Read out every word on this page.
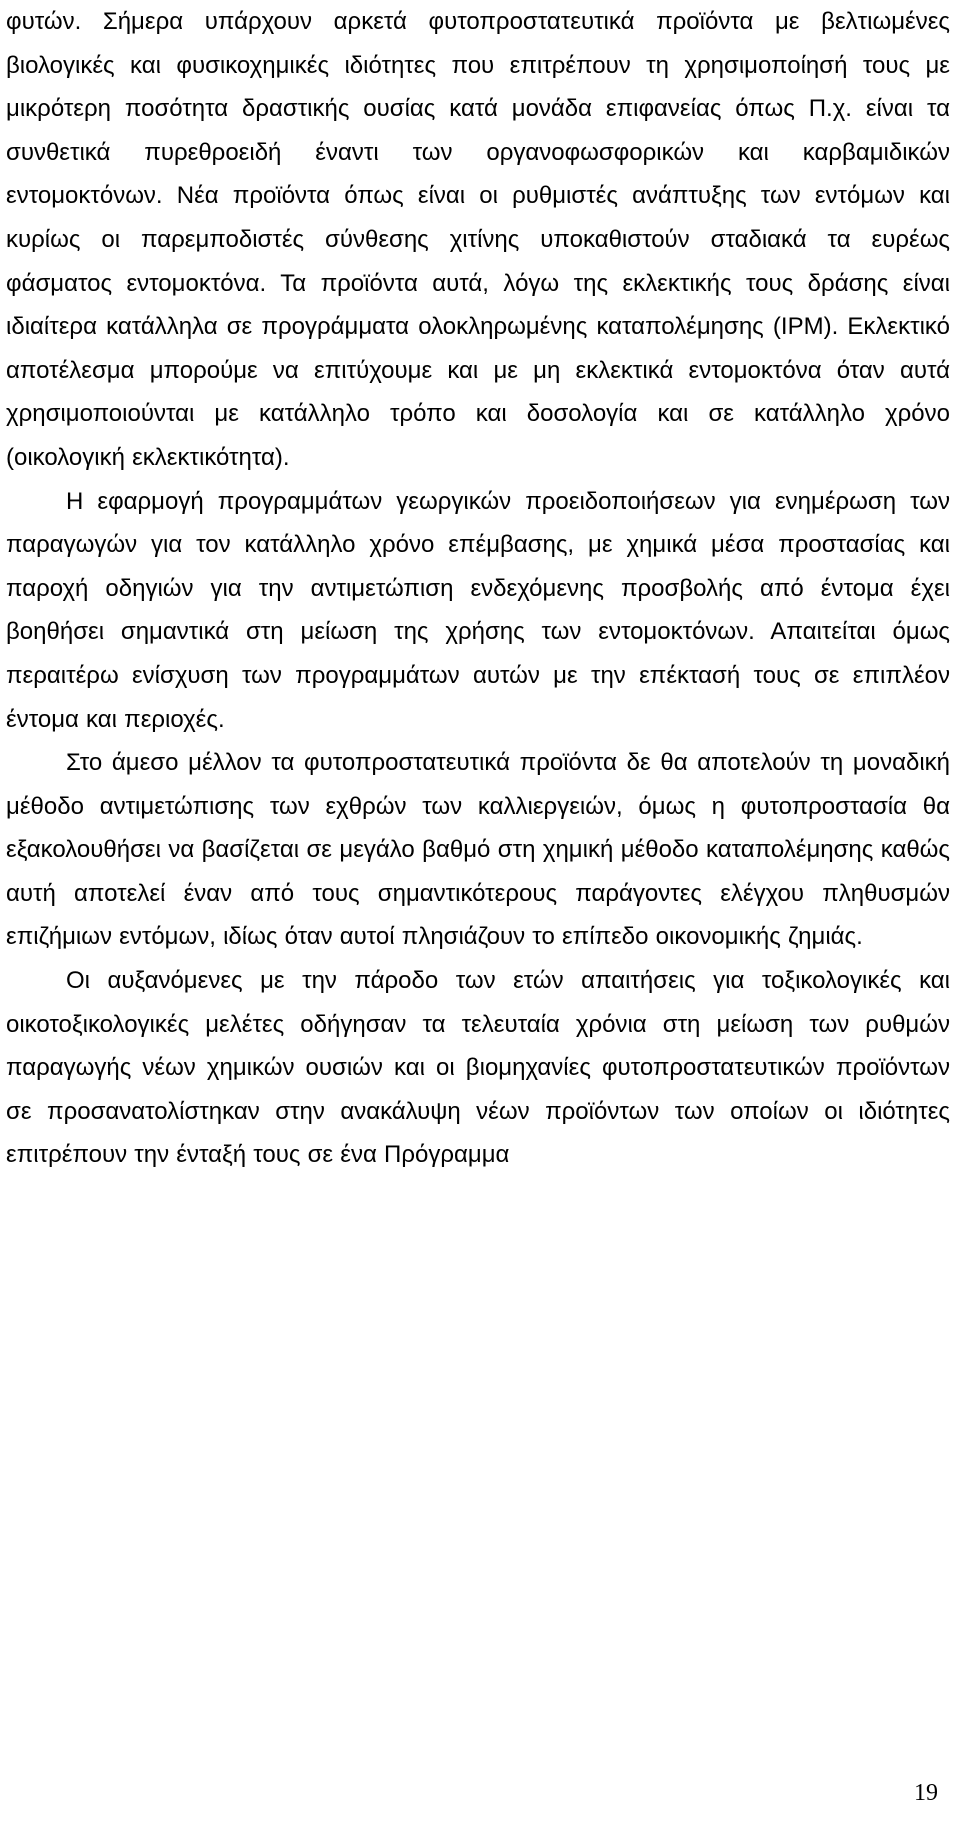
φυτών. Σήμερα υπάρχουν αρκετά φυτοπροστατευτικά προϊόντα με βελτιωμένες βιολογικές και φυσικοχημικές ιδιότητες που επιτρέπουν τη χρησιμοποίησή τους με μικρότερη ποσότητα δραστικής ουσίας κατά μονάδα επιφανείας όπως Π.χ. είναι τα συνθετικά πυρεθροειδή έναντι των οργανοφωσφορικών και καρβαμιδικών εντομοκτόνων. Νέα προϊόντα όπως είναι οι ρυθμιστές ανάπτυξης των εντόμων και κυρίως οι παρεμποδιστές σύνθεσης χιτίνης υποκαθιστούν σταδιακά τα ευρέως φάσματος εντομοκτόνα. Τα προϊόντα αυτά, λόγω της εκλεκτικής τους δράσης είναι ιδιαίτερα κατάλληλα σε προγράμματα ολοκληρωμένης καταπολέμησης (IPM). Εκλεκτικό αποτέλεσμα μπορούμε να επιτύχουμε και με μη εκλεκτικά εντομοκτόνα όταν αυτά χρησιμοποιούνται με κατάλληλο τρόπο και δοσολογία και σε κατάλληλο χρόνο (οικολογική εκλεκτικότητα).

Η εφαρμογή προγραμμάτων γεωργικών προειδοποιήσεων για ενημέρωση των παραγωγών για τον κατάλληλο χρόνο επέμβασης, με χημικά μέσα προστασίας και παροχή οδηγιών για την αντιμετώπιση ενδεχόμενης προσβολής από έντομα έχει βοηθήσει σημαντικά στη μείωση της χρήσης των εντομοκτόνων. Απαιτείται όμως περαιτέρω ενίσχυση των προγραμμάτων αυτών με την επέκτασή τους σε επιπλέον έντομα και περιοχές.

Στο άμεσο μέλλον τα φυτοπροστατευτικά προϊόντα δε θα αποτελούν τη μοναδική μέθοδο αντιμετώπισης των εχθρών των καλλιεργειών, όμως η φυτοπροστασία θα εξακολουθήσει να βασίζεται σε μεγάλο βαθμό στη χημική μέθοδο καταπολέμησης καθώς αυτή αποτελεί έναν από τους σημαντικότερους παράγοντες ελέγχου πληθυσμών επιζήμιων εντόμων, ιδίως όταν αυτοί πλησιάζουν το επίπεδο οικονομικής ζημιάς.

Οι αυξανόμενες με την πάροδο των ετών απαιτήσεις για τοξικολογικές και οικοτοξικολογικές μελέτες οδήγησαν τα τελευταία χρόνια στη μείωση των ρυθμών παραγωγής νέων χημικών ουσιών και οι βιομηχανίες φυτοπροστατευτικών προϊόντων σε προσανατολίστηκαν στην ανακάλυψη νέων προϊόντων των οποίων οι ιδιότητες επιτρέπουν την ένταξή τους σε ένα Πρόγραμμα

19
